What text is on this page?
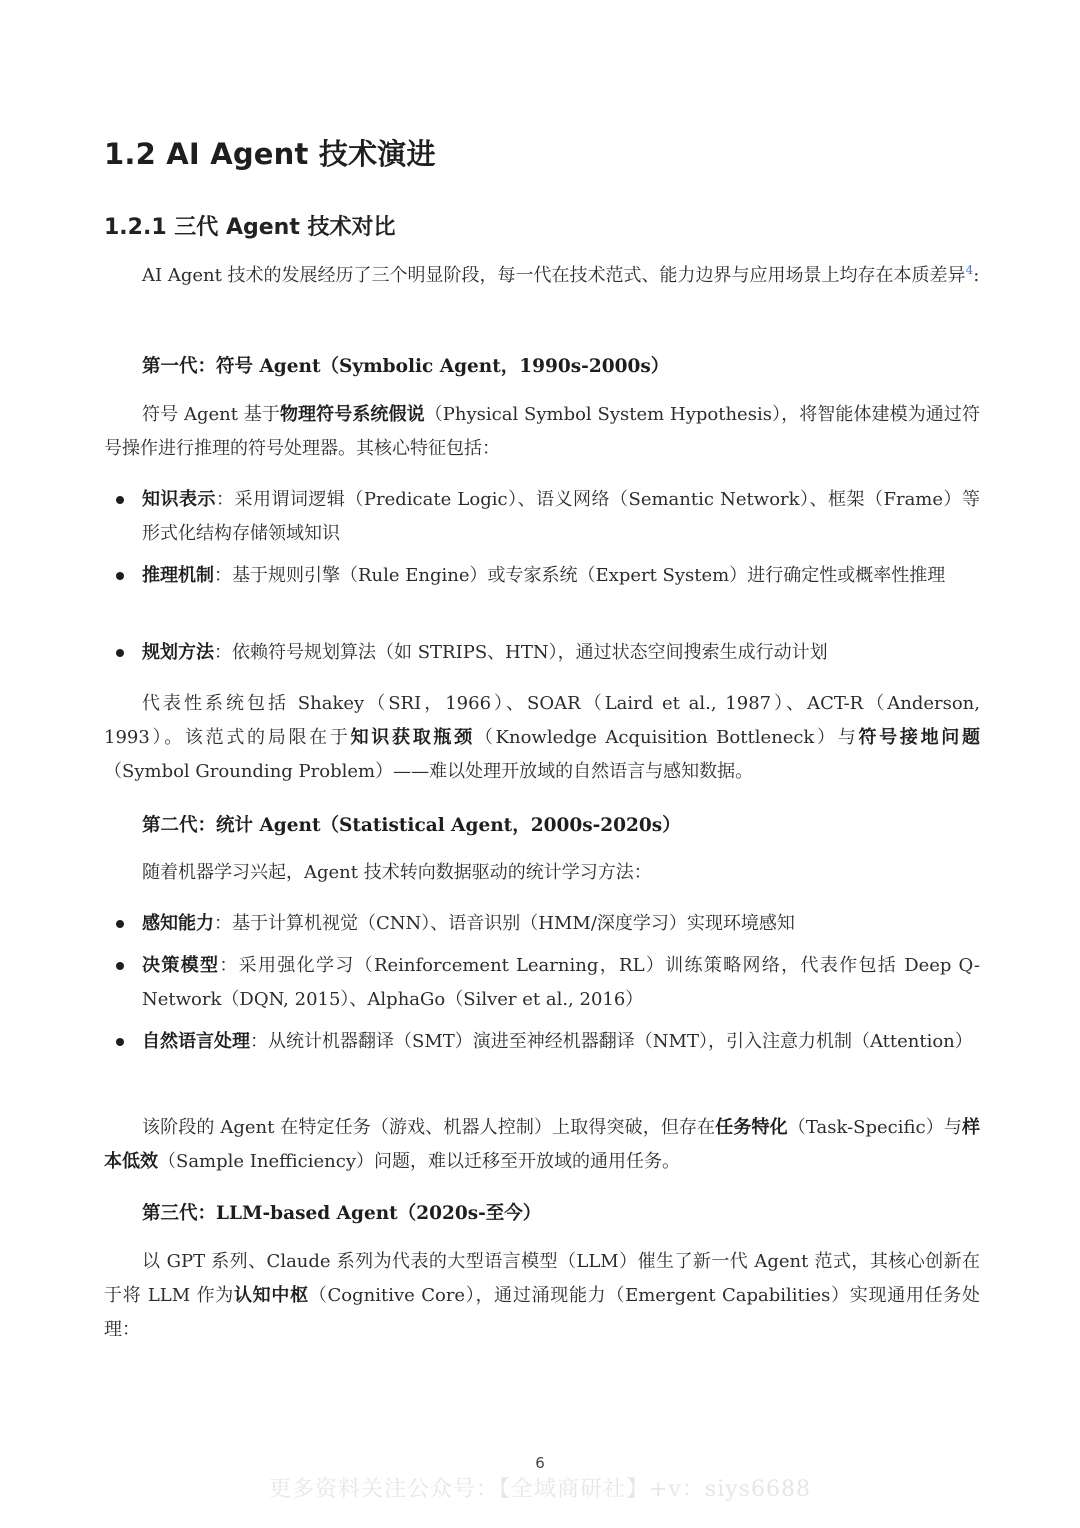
1.2 AI Agent 技术演进
1.2.1 三代 Agent 技术对比
AI Agent 技术的发展经历了三个明显阶段，每一代在技术范式、能力边界与应用场景上均存在本质差异$^4$:
第一代：符号 Agent（Symbolic Agent，1990s-2000s）
符号 Agent 基于物理符号系统假说（Physical Symbol System Hypothesis），将智能体建模为通过符号操作进行推理的符号处理器。其核心特征包括：
知识表示：采用谓词逻辑（Predicate Logic）、语义网络（Semantic Network）、框架（Frame）等形式化结构存储领域知识
推理机制：基于规则引擎（Rule Engine）或专家系统（Expert System）进行确定性或概率性推理
规划方法：依赖符号规划算法（如 STRIPS、HTN），通过状态空间搜索生成行动计划
代表性系统包括 Shakey（SRI，1966）、SOAR（Laird et al., 1987）、ACT-R（Anderson, 1993）。该范式的局限在于知识获取瓶颈（Knowledge Acquisition Bottleneck）与符号接地问题（Symbol Grounding Problem）——难以处理开放域的自然语言与感知数据。
第二代：统计 Agent（Statistical Agent，2000s-2020s）
随着机器学习兴起，Agent 技术转向数据驱动的统计学习方法：
感知能力：基于计算机视觉（CNN）、语音识别（HMM/深度学习）实现环境感知
决策模型：采用强化学习（Reinforcement Learning，RL）训练策略网络，代表作包括 Deep Q-Network（DQN, 2015）、AlphaGo（Silver et al., 2016）
自然语言处理：从统计机器翻译（SMT）演进至神经机器翻译（NMT），引入注意力机制（Attention）
该阶段的 Agent 在特定任务（游戏、机器人控制）上取得突破，但存在任务特化（Task-Specific）与样本低效（Sample Inefficiency）问题，难以迁移至开放域的通用任务。
第三代：LLM-based Agent（2020s-至今）
以 GPT 系列、Claude 系列为代表的大型语言模型（LLM）催生了新一代 Agent 范式，其核心创新在于将 LLM 作为认知中枢（Cognitive Core），通过涌现能力（Emergent Capabilities）实现通用任务处理：
6
更多资料关注公众号：【全域商研社】+v：siys6688
